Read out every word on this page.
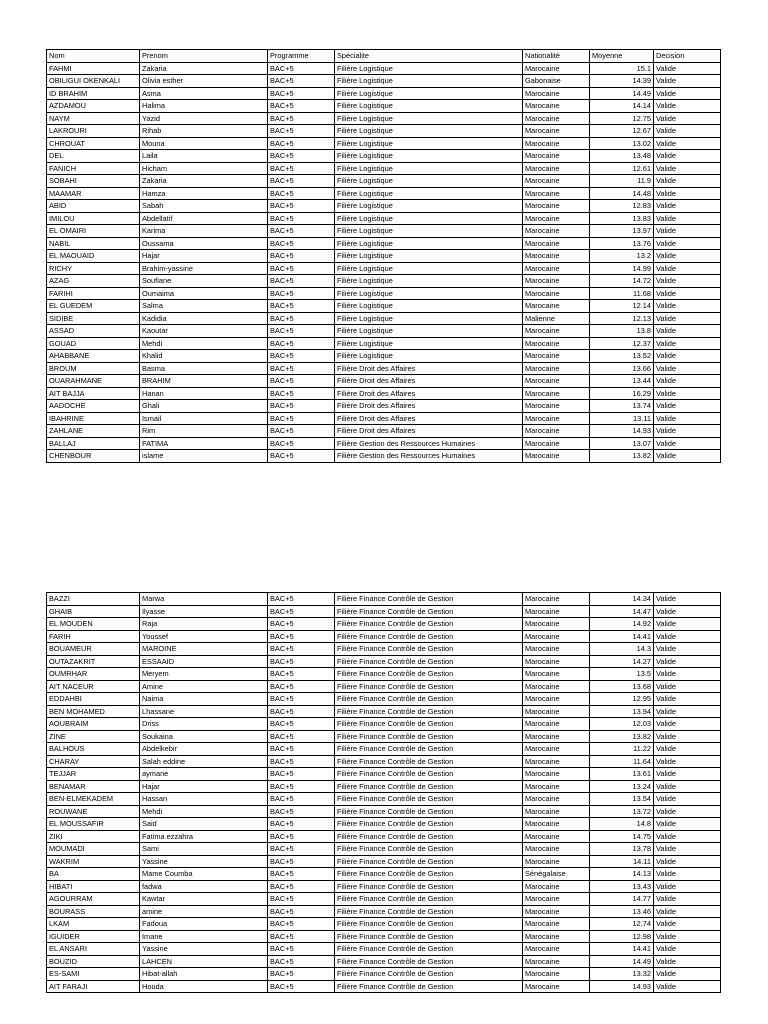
Nom	Prenom	Programme	Spécialite	Nationalité	Moyenne	Decision
FAHMI	Zakaria	BAC+5	Filière Logistique	Marocaine	15.1	Valide
OBILIGUI OKENKALI	Olivia esther	BAC+5	Filière Logistique	Gabonaise	14.39	Valide
ID BRAHIM	Asma	BAC+5	Filière Logistique	Marocaine	14.49	Valide
AZDAMOU	Halima	BAC+5	Filière Logistique	Marocaine	14.14	Valide
NAYM	Yazid	BAC+5	Filière Logistique	Marocaine	12.75	Valide
LAKROURI	Rihab	BAC+5	Filière Logistique	Marocaine	12.67	Valide
CHROUAT	Mouna	BAC+5	Filière Logistique	Marocaine	13.02	Valide
DEL	Laila	BAC+5	Filière Logistique	Marocaine	13.48	Valide
FANICH	Hicham	BAC+5	Filière Logistique	Marocaine	12.61	Valide
SOBAHI	Zakaria	BAC+5	Filière Logistique	Marocaine	11.9	Valide
MAAMAR	Hamza	BAC+5	Filière Logistique	Marocaine	14.48	Valide
ABID	Sabah	BAC+5	Filière Logistique	Marocaine	12.83	Valide
IMILOU	Abdellatif	BAC+5	Filière Logistique	Marocaine	13.83	Valide
EL OMAIRI	Karima	BAC+5	Filière Logistique	Marocaine	13.97	Valide
NABIL	Oussama	BAC+5	Filière Logistique	Marocaine	13.76	Valide
EL MAOUAID	Hajar	BAC+5	Filière Logistique	Marocaine	13.2	Valide
RICHY	Brahim-yassine	BAC+5	Filière Logistique	Marocaine	14.99	Valide
AZAG	Soufiane	BAC+5	Filière Logistique	Marocaine	14.72	Valide
FARIHI	Oumaima	BAC+5	Filière Logistique	Marocaine	11.68	Valide
EL GUEDEM	Salma	BAC+5	Filière Logistique	Marocaine	12.14	Valide
SIDIBE	Kadidia	BAC+5	Filière Logistique	Malienne	12.13	Valide
ASSAD	Kaoutar	BAC+5	Filière Logistique	Marocaine	13.8	Valide
GOUAD	Mehdi	BAC+5	Filière Logistique	Marocaine	12.37	Valide
AHABBANE	Khalid	BAC+5	Filière Logistique	Marocaine	13.52	Valide
BROUM	Basma	BAC+5	Filière Droit des Affaires	Marocaine	13.66	Valide
OUARAHMANE	BRAHIM	BAC+5	Filière Droit des Affaires	Marocaine	13.44	Valide
AIT BAJJA	Hanan	BAC+5	Filière Droit des Affaires	Marocaine	16.29	Valide
AADOCHE	Ghali	BAC+5	Filière Droit des Affaires	Marocaine	13.74	Valide
IBAHRINE	Ismail	BAC+5	Filière Droit des Affaires	Marocaine	13.11	Valide
ZAHLANE	Rim	BAC+5	Filière Droit des Affaires	Marocaine	14.93	Valide
BALLAJ	FATIMA	BAC+5	Filière Gestion des Ressources Humaines	Marocaine	13.07	Valide
CHENBOUR	islame	BAC+5	Filière Gestion des Ressources Humaines	Marocaine	13.82	Valide
BAZZI	Marwa	BAC+5	Filière Finance Contrôle de Gestion	Marocaine	14.34	Valide
GHAIB	Ilyasse	BAC+5	Filière Finance Contrôle de Gestion	Marocaine	14.47	Valide
EL MOUDEN	Raja	BAC+5	Filière Finance Contrôle de Gestion	Marocaine	14.92	Valide
FARIH	Youssef	BAC+5	Filière Finance Contrôle de Gestion	Marocaine	14.41	Valide
BOUAMEUR	MAROINE	BAC+5	Filière Finance Contrôle de Gestion	Marocaine	14.3	Valide
OUTAZAKRIT	ESSAAID	BAC+5	Filière Finance Contrôle de Gestion	Marocaine	14.27	Valide
OUMRHAR	Meryem	BAC+5	Filière Finance Contrôle de Gestion	Marocaine	13.5	Valide
AIT NACEUR	Amine	BAC+5	Filière Finance Contrôle de Gestion	Marocaine	13.68	Valide
EDDAHBI	Naima	BAC+5	Filière Finance Contrôle de Gestion	Marocaine	12.95	Valide
BEN MOHAMED	Lhassane	BAC+5	Filière Finance Contrôle de Gestion	Marocaine	13.94	Valide
AOUBRAIM	Driss	BAC+5	Filière Finance Contrôle de Gestion	Marocaine	12.03	Valide
ZINE	Soukaina	BAC+5	Filière Finance Contrôle de Gestion	Marocaine	13.82	Valide
BALHOUS	Abdelkebir	BAC+5	Filière Finance Contrôle de Gestion	Marocaine	11.22	Valide
CHARAY	Salah eddine	BAC+5	Filière Finance Contrôle de Gestion	Marocaine	11.64	Valide
TEJJAR	aymane	BAC+5	Filière Finance Contrôle de Gestion	Marocaine	13.61	Valide
BENAMAR	Hajar	BAC+5	Filière Finance Contrôle de Gestion	Marocaine	13.24	Valide
BEN-ELMEKADEM	Hassan	BAC+5	Filière Finance Contrôle de Gestion	Marocaine	13.54	Valide
ROUWANE	Mehdi	BAC+5	Filière Finance Contrôle de Gestion	Marocaine	13.72	Valide
EL MOUSSAFIR	Said	BAC+5	Filière Finance Contrôle de Gestion	Marocaine	14.8	Valide
ZIKI	Fatima ezzahra	BAC+5	Filière Finance Contrôle de Gestion	Marocaine	14.75	Valide
MOUMADI	Sami	BAC+5	Filière Finance Contrôle de Gestion	Marocaine	13.78	Valide
WAKRIM	Yassine	BAC+5	Filière Finance Contrôle de Gestion	Marocaine	14.11	Valide
BA	Mame Coumba	BAC+5	Filière Finance Contrôle de Gestion	Sénégalaise	14.13	Valide
HIBATI	fadwa	BAC+5	Filière Finance Contrôle de Gestion	Marocaine	13.43	Valide
AGOURRAM	Kawtar	BAC+5	Filière Finance Contrôle de Gestion	Marocaine	14.77	Valide
BOURASS	amine	BAC+5	Filière Finance Contrôle de Gestion	Marocaine	13.46	Valide
LKAM	Fadoua	BAC+5	Filière Finance Contrôle de Gestion	Marocaine	12.74	Valide
IGUIDER	Imane	BAC+5	Filière Finance Contrôle de Gestion	Marocaine	12.98	Valide
EL ANSARI	Yassine	BAC+5	Filière Finance Contrôle de Gestion	Marocaine	14.41	Valide
BOUZID	LAHCEN	BAC+5	Filière Finance Contrôle de Gestion	Marocaine	14.49	Valide
ES-SAMI	Hibat-allah	BAC+5	Filière Finance Contrôle de Gestion	Marocaine	13.32	Valide
AIT FARAJI	Houda	BAC+5	Filière Finance Contrôle de Gestion	Marocaine	14.93	Valide
